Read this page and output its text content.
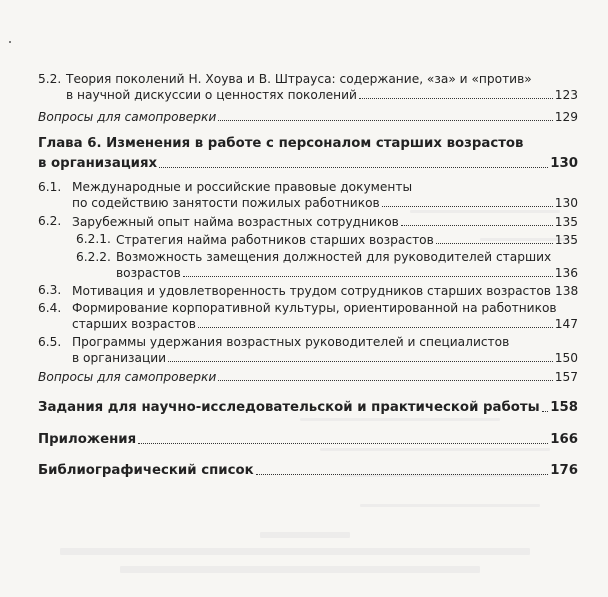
5.2. Теория поколений Н. Хоува и В. Штрауса: содержание, «за» и «против»
в научной дискуссии о ценностях поколений	123
Вопросы для самопроверки	129
Глава 6. Изменения в работе с персоналом старших возрастов
в организациях	130
6.1. Международные и российские правовые документы
по содействию занятости пожилых работников	130
6.2. Зарубежный опыт найма возрастных сотрудников	135
6.2.1. Стратегия найма работников старших возрастов	135
6.2.2. Возможность замещения должностей для руководителей старших
возрастов	136
6.3. Мотивация и удовлетворенность трудом сотрудников старших возрастов 138
6.4. Формирование корпоративной культуры, ориентированной на работников
старших возрастов	147
6.5. Программы удержания возрастных руководителей и специалистов
в организации	150
Вопросы для самопроверки	157
Задания для научно-исследовательской и практической работы 158
Приложения	166
Библиографический список	176
